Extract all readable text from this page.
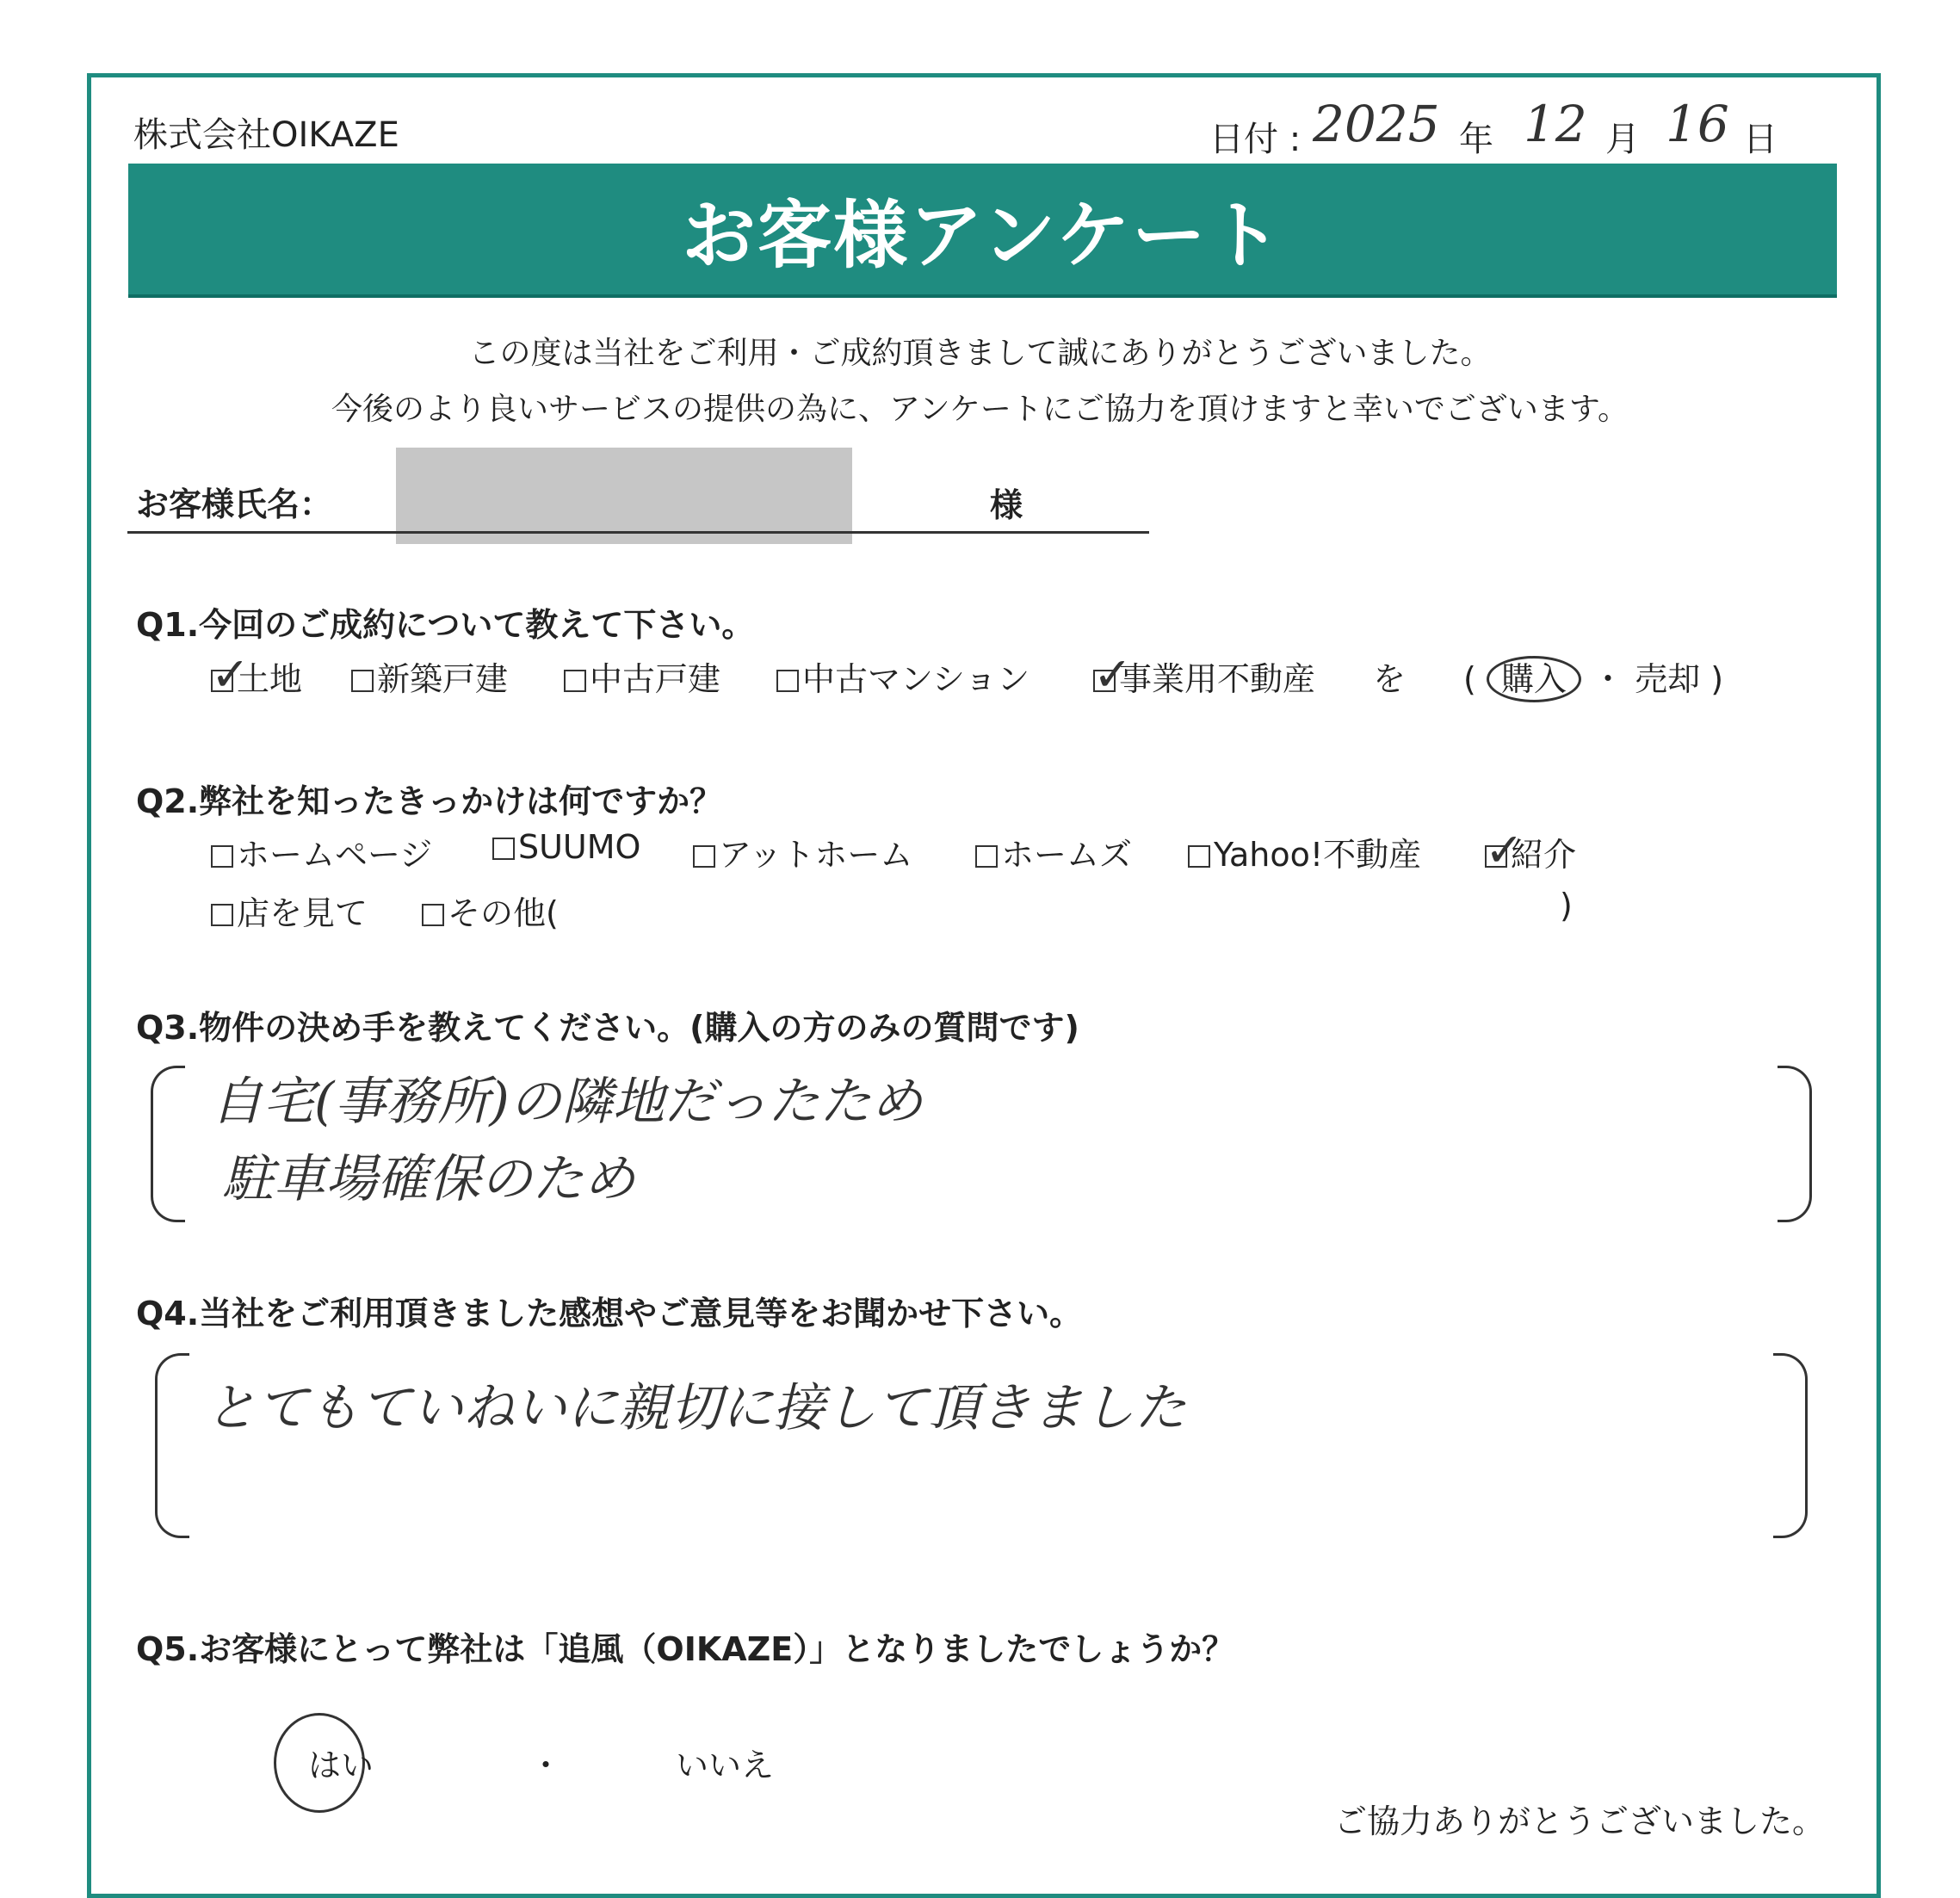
株式会社OIKAZE	日付 : 2025 年 12 月 16 日
お客様アンケート
この度は当社をご利用・ご成約頂きまして誠にありがとうございました。
今後のより良いサービスの提供の為に、アンケートにご協力を頂けますと幸いでございます。
お客様氏名：	様
Q1.今回のご成約について教えて下さい。
✓
土地	新築戸建	中古戸建	中古マンション ✓
事業用不動産 を ( 購入 ・ 売却 )
Q2.弊社を知ったきっかけは何ですか？
ホームページ	SUUMO	アットホーム	ホームズ	Yahoo!不動産 ✓
紹介
店を見て	その他(	)
Q3.物件の決め手を教えてください。(購入の方のみの質問です)
自宅(事務所)の隣地だったため
駐車場確保のため
Q4.当社をご利用頂きました感想やご意見等をお聞かせ下さい。
とてもていねいに親切に接して頂きました
Q5.お客様にとって弊社は「追風（OIKAZE）」となりましたでしょうか？
はい	・	いいえ
ご協力ありがとうございました。
